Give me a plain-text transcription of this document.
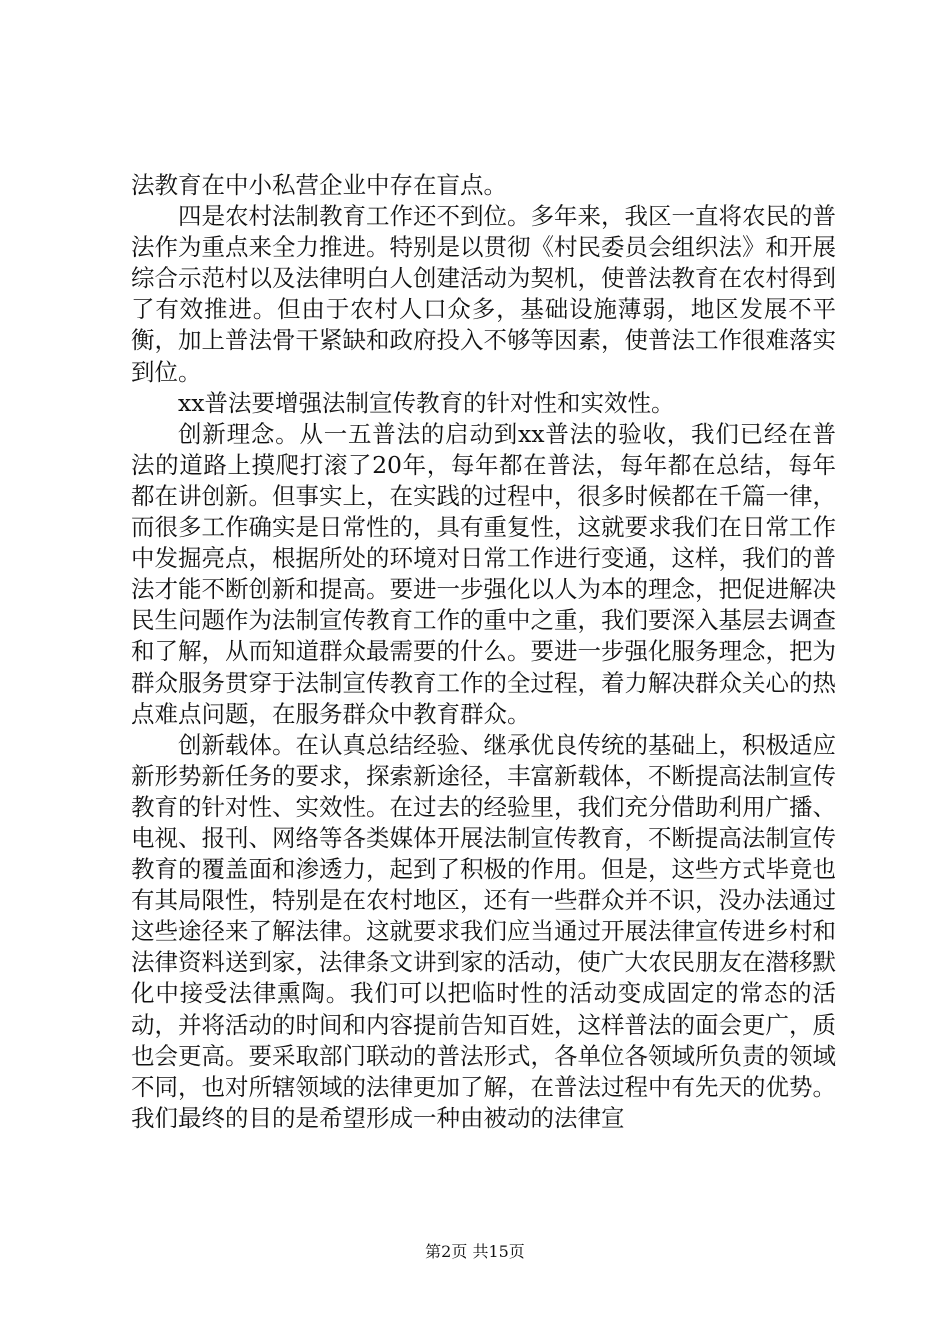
法教育在中小私营企业中存在盲点。

四是农村法制教育工作还不到位。多年来，我区一直将农民的普法作为重点来全力推进。特别是以贯彻《村民委员会组织法》和开展综合示范村以及法律明白人创建活动为契机，使普法教育在农村得到了有效推进。但由于农村人口众多，基础设施薄弱，地区发展不平衡，加上普法骨干紧缺和政府投入不够等因素，使普法工作很难落实到位。

xx普法要增强法制宣传教育的针对性和实效性。

创新理念。从一五普法的启动到xx普法的验收，我们已经在普法的道路上摸爬打滚了20年，每年都在普法，每年都在总结，每年都在讲创新。但事实上，在实践的过程中，很多时候都在千篇一律，而很多工作确实是日常性的，具有重复性，这就要求我们在日常工作中发掘亮点，根据所处的环境对日常工作进行变通，这样，我们的普法才能不断创新和提高。要进一步强化以人为本的理念，把促进解决民生问题作为法制宣传教育工作的重中之重，我们要深入基层去调查和了解，从而知道群众最需要的什么。要进一步强化服务理念，把为群众服务贯穿于法制宣传教育工作的全过程，着力解决群众关心的热点难点问题，在服务群众中教育群众。

创新载体。在认真总结经验、继承优良传统的基础上，积极适应新形势新任务的要求，探索新途径，丰富新载体，不断提高法制宣传教育的针对性、实效性。在过去的经验里，我们充分借助利用广播、电视、报刊、网络等各类媒体开展法制宣传教育，不断提高法制宣传教育的覆盖面和渗透力，起到了积极的作用。但是，这些方式毕竟也有其局限性，特别是在农村地区，还有一些群众并不识，没办法通过这些途径来了解法律。这就要求我们应当通过开展法律宣传进乡村和法律资料送到家，法律条文讲到家的活动，使广大农民朋友在潜移默化中接受法律熏陶。我们可以把临时性的活动变成固定的常态的活动，并将活动的时间和内容提前告知百姓，这样普法的面会更广，质也会更高。要采取部门联动的普法形式，各单位各领域所负责的领域不同，也对所辖领域的法律更加了解，在普法过程中有先天的优势。我们最终的目的是希望形成一种由被动的法律宣

第2页 共15页
